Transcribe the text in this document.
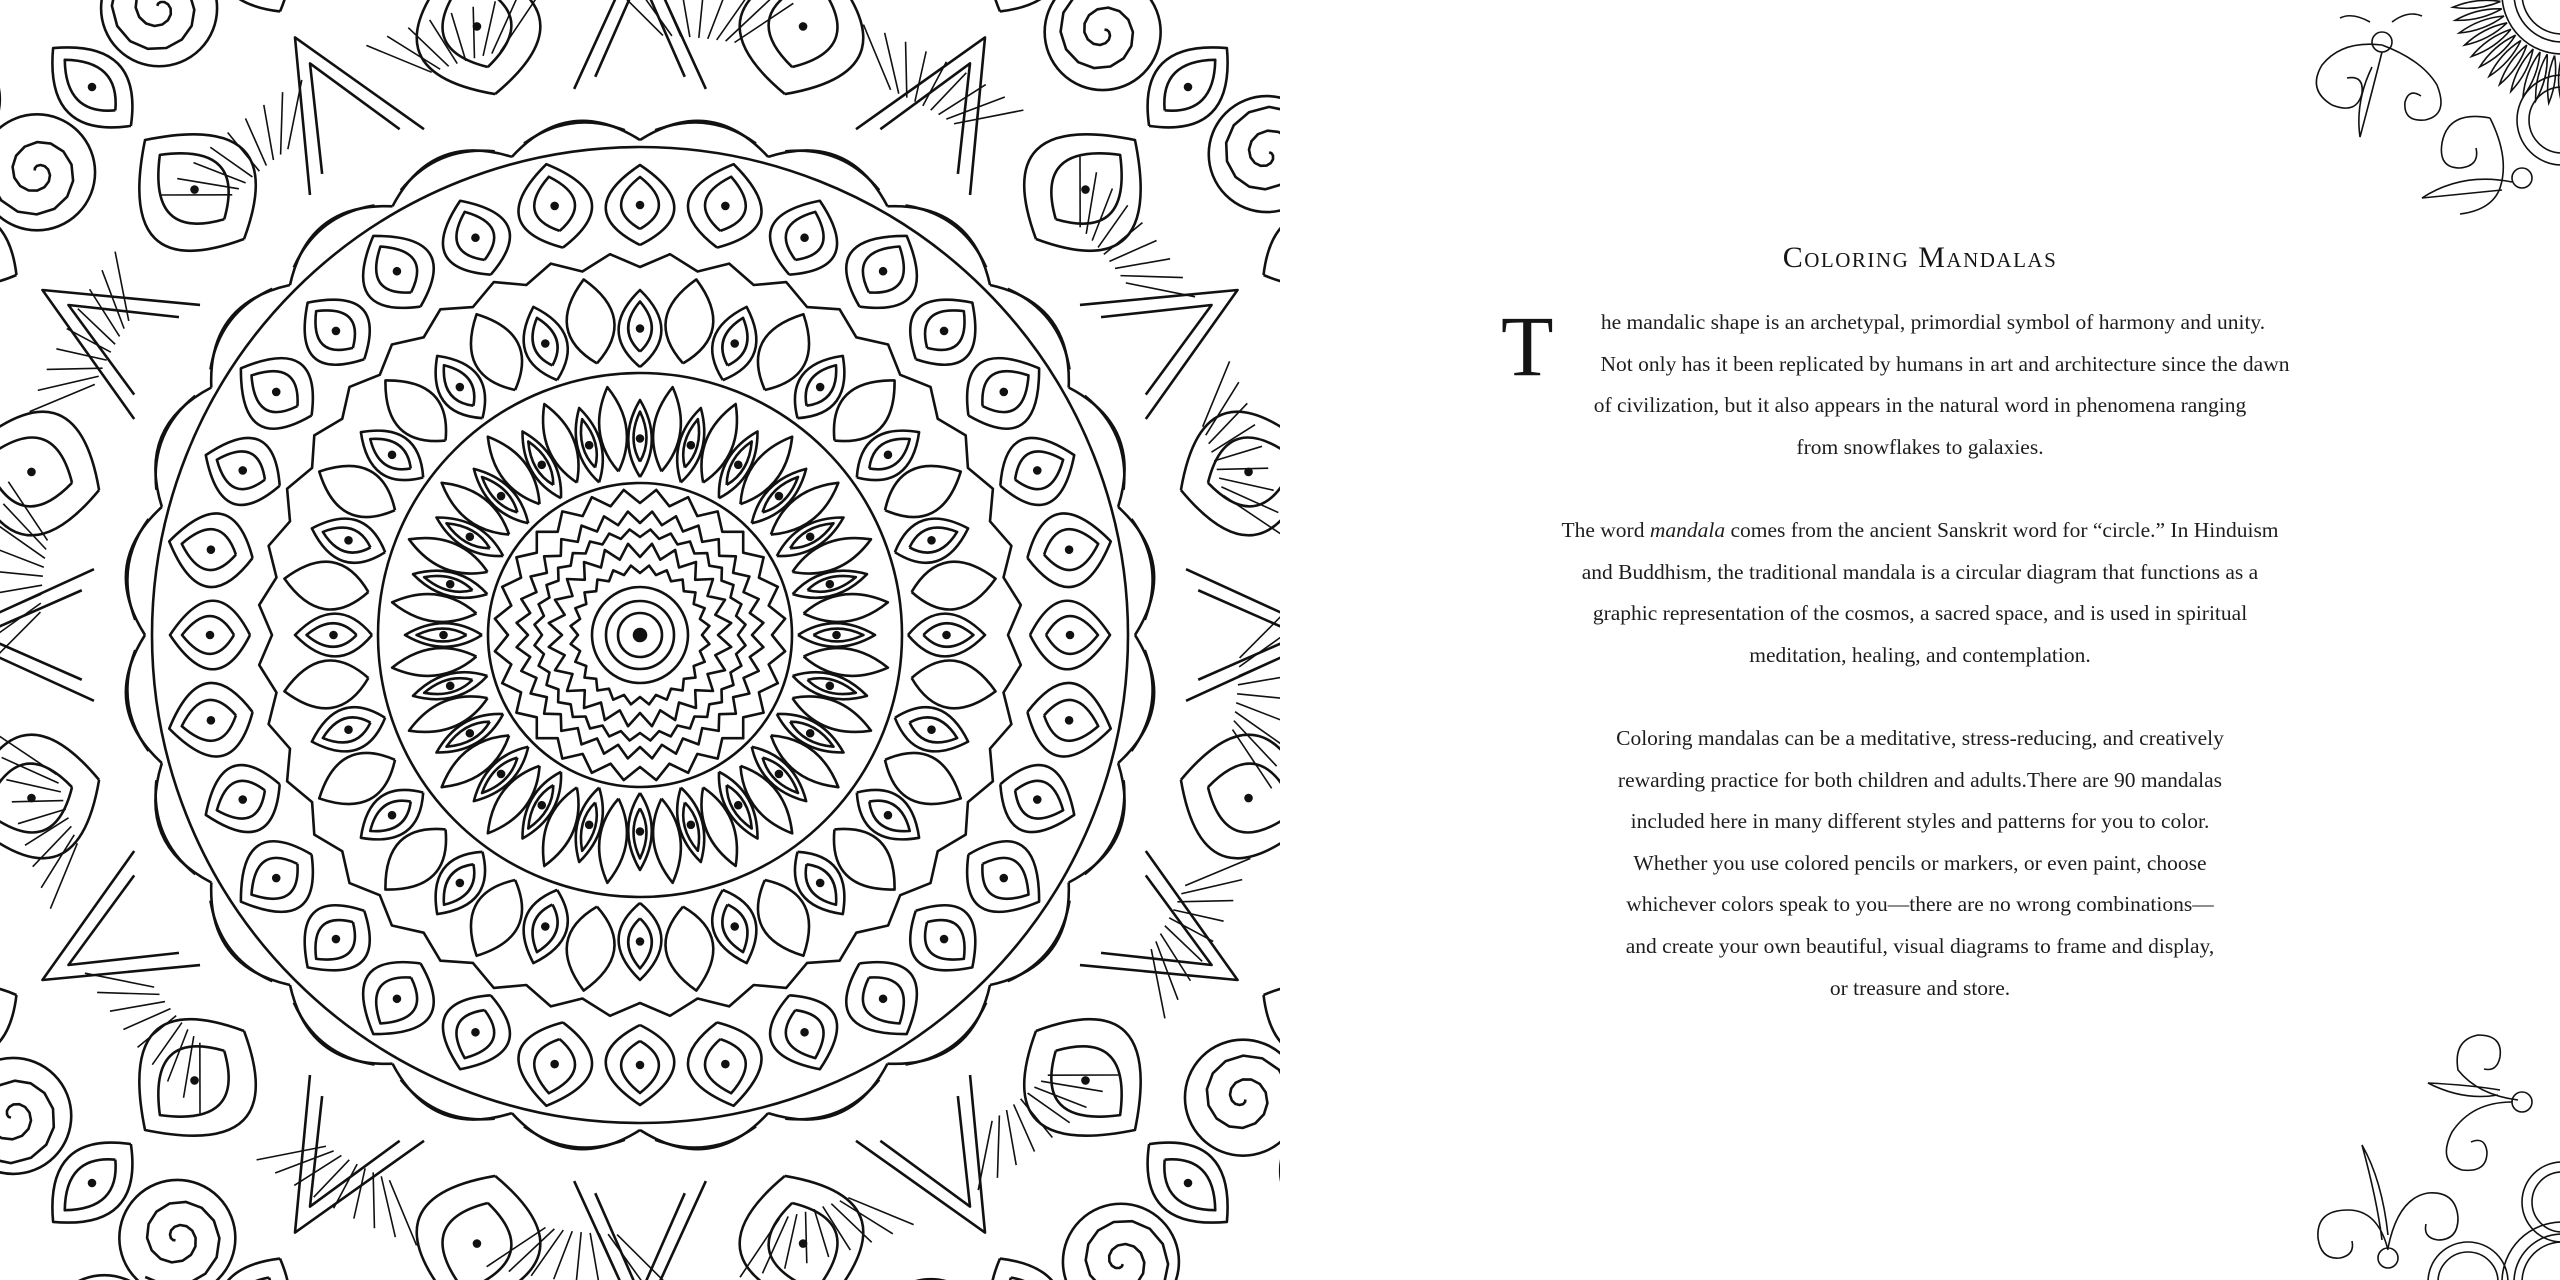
Coloring Mandalas

T	he mandalic shape is an archetypal, primordial symbol of harmony and unity.
Not only has it been replicated by humans in art and architecture since the dawn
of civilization, but it also appears in the natural word in phenomena ranging
from snowflakes to galaxies.

The word mandala comes from the ancient Sanskrit word for “circle.” In Hinduism
and Buddhism, the traditional mandala is a circular diagram that functions as a
graphic representation of the cosmos, a sacred space, and is used in spiritual
meditation, healing, and contemplation.

Coloring mandalas can be a meditative, stress-reducing, and creatively
rewarding practice for both children and adults.There are 90 mandalas
included here in many different styles and patterns for you to color.
Whether you use colored pencils or markers, or even paint, choose
whichever colors speak to you—there are no wrong combinations—
and create your own beautiful, visual diagrams to frame and display,
or treasure and store.
